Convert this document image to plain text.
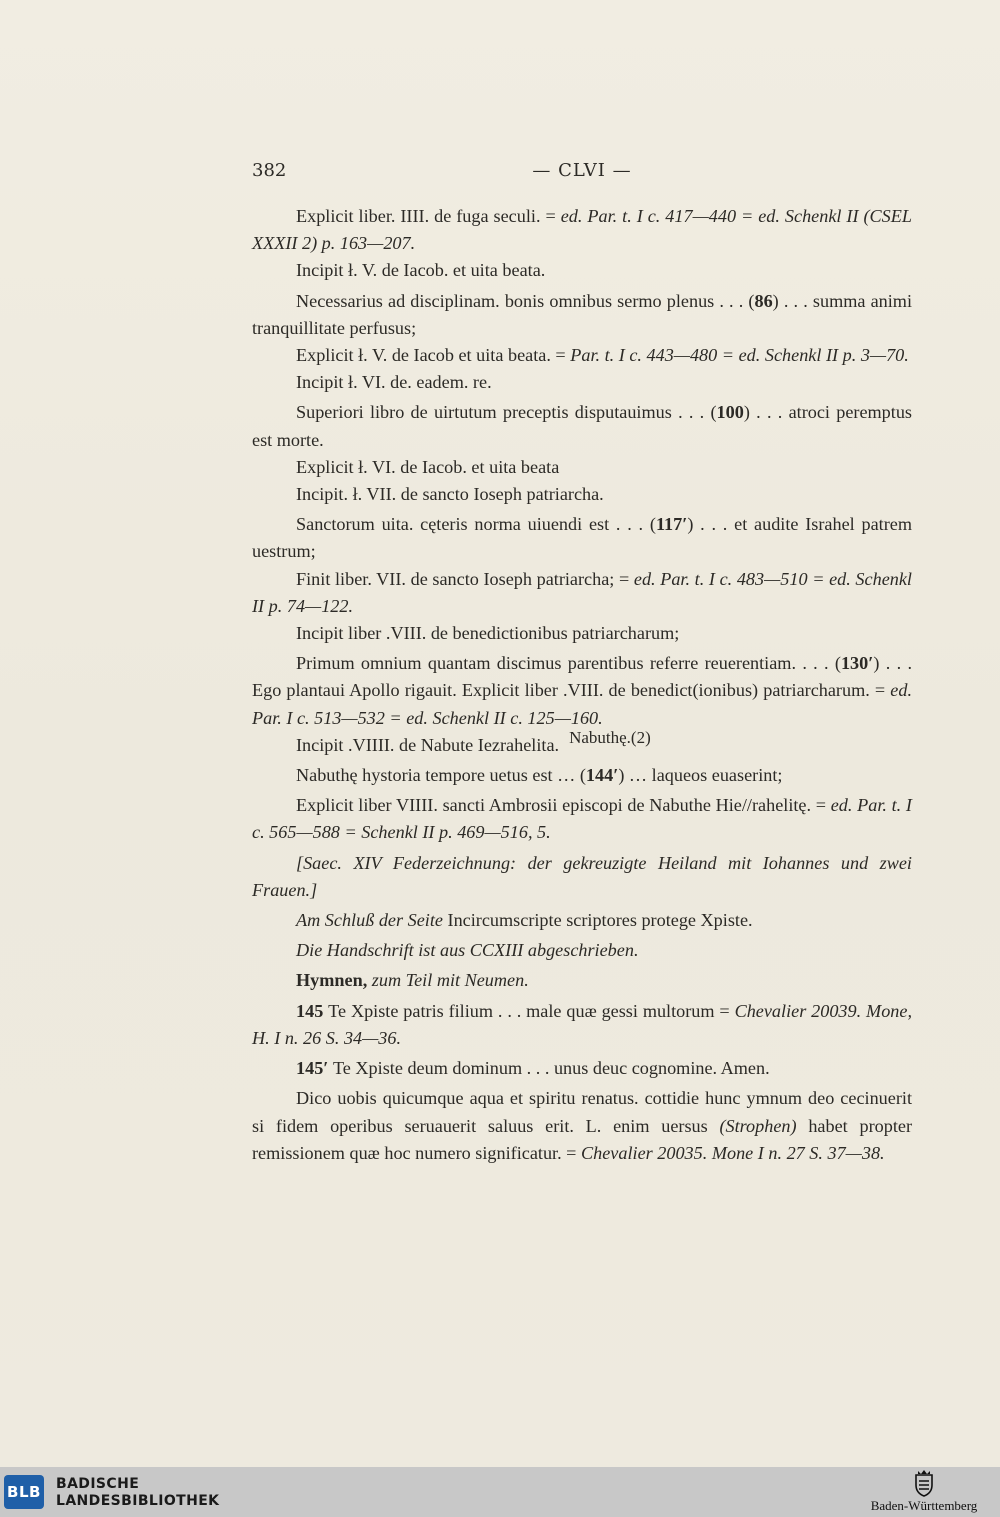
382	— CLVI —

Explicit liber. IIII. de fuga seculi. = ed. Par. t. I c. 417—440 = ed. Schenkl II (CSEL XXXII 2) p. 163—207.

Incipit ł. V. de Iacob. et uita beata.

Necessarius ad disciplinam. bonis omnibus sermo plenus . . . (86) . . . summa animi tranquillitate perfusus;

Explicit ł. V. de Iacob et uita beata. = Par. t. I c. 443—480 = ed. Schenkl II p. 3—70.

Incipit ł. VI. de. eadem. re.

Superiori libro de uirtutum preceptis disputauimus . . . (100) . . . atroci peremptus est morte.

Explicit ł. VI. de Iacob. et uita beata

Incipit. ł. VII. de sancto Ioseph patriarcha.

Sanctorum uita. cęteris norma uiuendi est . . . (117′) . . . et audite Israhel patrem uestrum;

Finit liber. VII. de sancto Ioseph patriarcha; = ed. Par. t. I c. 483—510 = ed. Schenkl II p. 74—122.

Incipit liber .VIII. de benedictionibus patriarcharum;

Primum omnium quantam discimus parentibus referre reuerentiam. . . . (130′) . . . Ego plantaui Apollo rigauit. Explicit liber .VIII. de benedict(ionibus) patriarcharum. = ed. Par. I c. 513—532 = ed. Schenkl II c. 125—160.

Incipit .VIIII. de Nabute Iezrahelita. Nabuthę.(2)

Nabuthę hystoria tempore uetus est … (144′) … laqueos euaserint;

Explicit liber VIIII. sancti Ambrosii episcopi de Nabuthe Hie//rahelitę. = ed. Par. t. I c. 565—588 = Schenkl II p. 469—516, 5.

[Saec. XIV Federzeichnung: der gekreuzigte Heiland mit Iohannes und zwei Frauen.]

Am Schluß der Seite Incircumscripte scriptores protege Xpiste.

Die Handschrift ist aus CCXIII abgeschrieben.

Hymnen, zum Teil mit Neumen.

145 Te Xpiste patris filium . . . male quæ gessi multorum = Chevalier 20039. Mone, H. I n. 26 S. 34—36.

145′ Te Xpiste deum dominum . . . unus deuc cognomine. Amen.

Dico uobis quicumque aqua et spiritu renatus. cottidie hunc ymnum deo cecinuerit si fidem operibus seruauerit saluus erit. L. enim uersus (Strophen) habet propter remissionem quæ hoc numero significatur. = Chevalier 20035. Mone I n. 27 S. 37—38.

BLB BADISCHE
LANDESBIBLIOTHEK	Baden-Württemberg
